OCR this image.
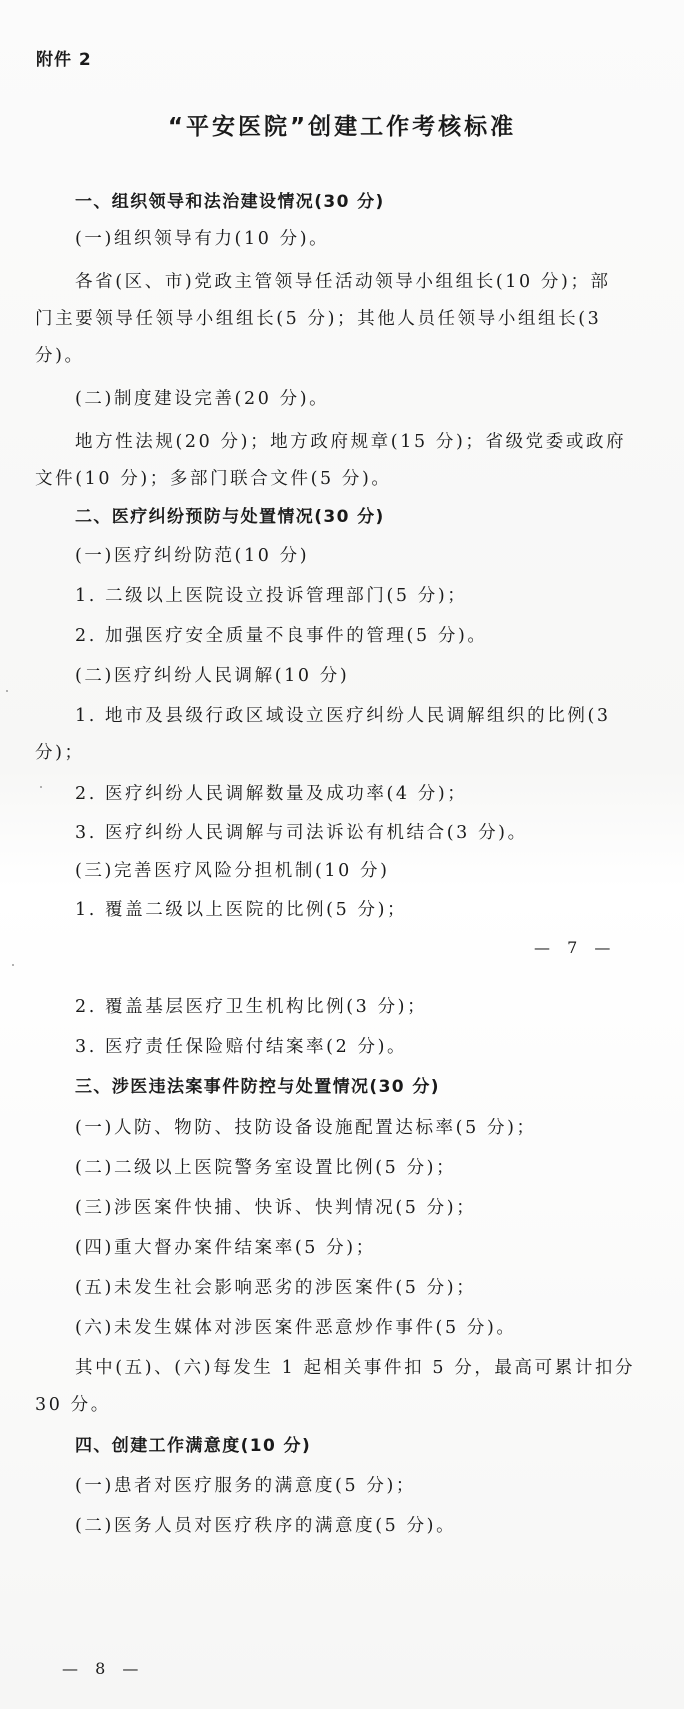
附件 2
“平安医院”创建工作考核标准
一、组织领导和法治建设情况(30 分)
(一)组织领导有力(10 分)。
各省(区、市)党政主管领导任活动领导小组组长(10 分)；部
门主要领导任领导小组组长(5 分)；其他人员任领导小组组长(3
分)。
(二)制度建设完善(20 分)。
地方性法规(20 分)；地方政府规章(15 分)；省级党委或政府
文件(10 分)；多部门联合文件(5 分)。
二、医疗纠纷预防与处置情况(30 分)
(一)医疗纠纷防范(10 分)
1. 二级以上医院设立投诉管理部门(5 分)；
2. 加强医疗安全质量不良事件的管理(5 分)。
(二)医疗纠纷人民调解(10 分)
1. 地市及县级行政区域设立医疗纠纷人民调解组织的比例(3
分)；
2. 医疗纠纷人民调解数量及成功率(4 分)；
3. 医疗纠纷人民调解与司法诉讼有机结合(3 分)。
(三)完善医疗风险分担机制(10 分)
1. 覆盖二级以上医院的比例(5 分)；
— 7 —
2. 覆盖基层医疗卫生机构比例(3 分)；
3. 医疗责任保险赔付结案率(2 分)。
三、涉医违法案事件防控与处置情况(30 分)
(一)人防、物防、技防设备设施配置达标率(5 分)；
(二)二级以上医院警务室设置比例(5 分)；
(三)涉医案件快捕、快诉、快判情况(5 分)；
(四)重大督办案件结案率(5 分)；
(五)未发生社会影响恶劣的涉医案件(5 分)；
(六)未发生媒体对涉医案件恶意炒作事件(5 分)。
其中(五)、(六)每发生 1 起相关事件扣 5 分，最高可累计扣分
30 分。
四、创建工作满意度(10 分)
(一)患者对医疗服务的满意度(5 分)；
(二)医务人员对医疗秩序的满意度(5 分)。
— 8 —
